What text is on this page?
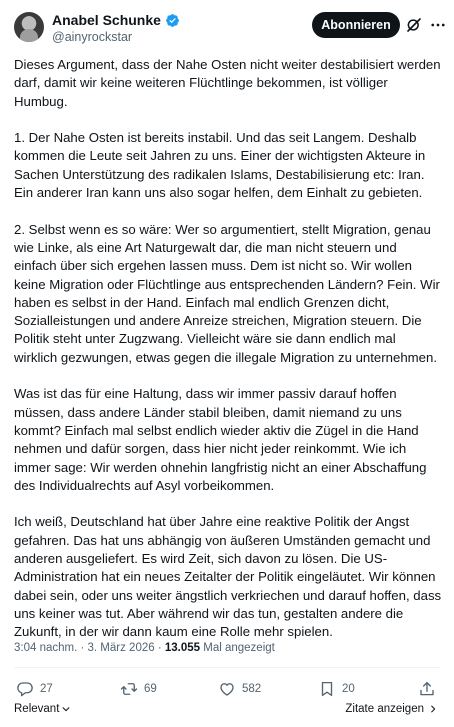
Anabel Schunke
@ainyrockstar
Abonnieren

Dieses Argument, dass der Nahe Osten nicht weiter destabilisiert werden darf, damit wir keine weiteren Flüchtlinge bekommen, ist völliger Humbug.

1. Der Nahe Osten ist bereits instabil. Und das seit Langem. Deshalb kommen die Leute seit Jahren zu uns. Einer der wichtigsten Akteure in Sachen Unterstützung des radikalen Islams, Destabilisierung etc: Iran. Ein anderer Iran kann uns also sogar helfen, dem Einhalt zu gebieten.

2. Selbst wenn es so wäre: Wer so argumentiert, stellt Migration, genau wie Linke, als eine Art Naturgewalt dar, die man nicht steuern und einfach über sich ergehen lassen muss. Dem ist nicht so. Wir wollen keine Migration oder Flüchtlinge aus entsprechenden Ländern? Fein. Wir haben es selbst in der Hand. Einfach mal endlich Grenzen dicht, Sozialleistungen und andere Anreize streichen, Migration steuern. Die Politik steht unter Zugzwang. Vielleicht wäre sie dann endlich mal wirklich gezwungen, etwas gegen die illegale Migration zu unternehmen.

Was ist das für eine Haltung, dass wir immer passiv darauf hoffen müssen, dass andere Länder stabil bleiben, damit niemand zu uns kommt? Einfach mal selbst endlich wieder aktiv die Zügel in die Hand nehmen und dafür sorgen, dass hier nicht jeder reinkommt. Wie ich immer sage: Wir werden ohnehin langfristig nicht an einer Abschaffung des Individualrechts auf Asyl vorbeikommen.

Ich weiß, Deutschland hat über Jahre eine reaktive Politik der Angst gefahren. Das hat uns abhängig von äußeren Umständen gemacht und anderen ausgeliefert. Es wird Zeit, sich davon zu lösen. Die US-Administration hat ein neues Zeitalter der Politik eingeläutet. Wir können dabei sein, oder uns weiter ängstlich verkriechen und darauf hoffen, dass uns keiner was tut. Aber während wir das tun, gestalten andere die Zukunft, in der wir dann kaum eine Rolle mehr spielen.

3:04 nachm. · 3. März 2026 · 13.055 Mal angezeigt
27	69	582	20
Relevant	Zitate anzeigen
